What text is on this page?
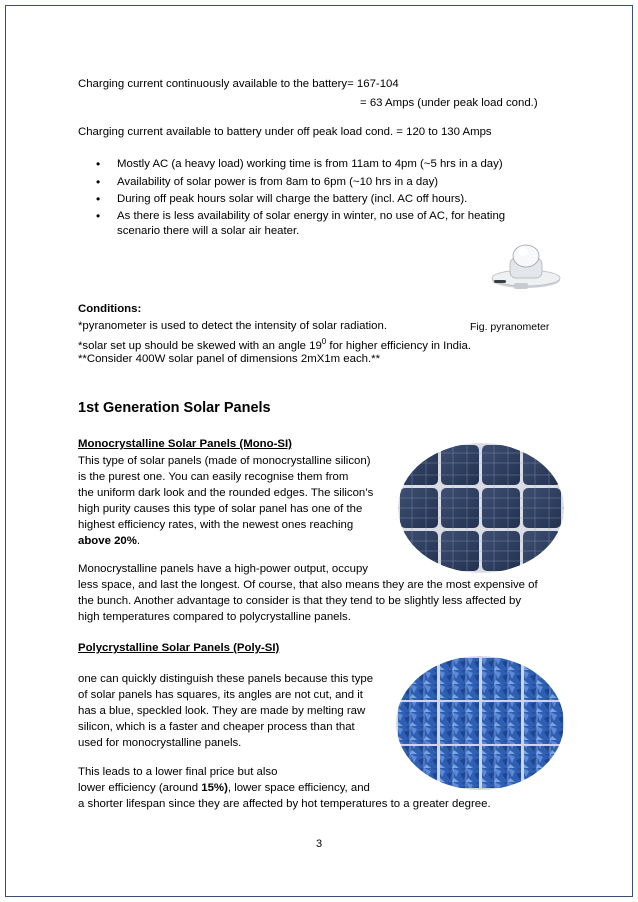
Charging current continuously available to the battery= 167-104
= 63 Amps (under peak load cond.)
Charging current available to battery under off peak load cond. = 120 to 130 Amps
• Mostly AC (a heavy load) working time is from 11am to 4pm (~5 hrs in a day)
• Availability of solar power is from 8am to 6pm (~10 hrs in a day)
• During off peak hours solar will charge the battery (incl. AC off hours).
• As there is less availability of solar energy in winter, no use of AC, for heating
scenario there will a solar air heater.
Conditions:
*pyranometer is used to detect the intensity of solar radiation.	Fig. pyranometer
*solar set up should be skewed with an angle $19^0$ for higher efficiency in India.
**Consider 400W solar panel of dimensions 2mX1m each.**
1st Generation Solar Panels
Monocrystalline Solar Panels (Mono-SI)
This type of solar panels (made of monocrystalline silicon)
is the purest one. You can easily recognise them from
the uniform dark look and the rounded edges. The silicon’s
high purity causes this type of solar panel has one of the
highest efficiency rates, with the newest ones reaching
above 20%.
Monocrystalline panels have a high-power output, occupy
less space, and last the longest. Of course, that also means they are the most expensive of
the bunch. Another advantage to consider is that they tend to be slightly less affected by
high temperatures compared to polycrystalline panels.
Polycrystalline Solar Panels (Poly-SI)
one can quickly distinguish these panels because this type
of solar panels has squares, its angles are not cut, and it
has a blue, speckled look. They are made by melting raw
silicon, which is a faster and cheaper process than that
used for monocrystalline panels.
This leads to a lower final price but also
lower efficiency (around 15%), lower space efficiency, and
a shorter lifespan since they are affected by hot temperatures to a greater degree.
3
